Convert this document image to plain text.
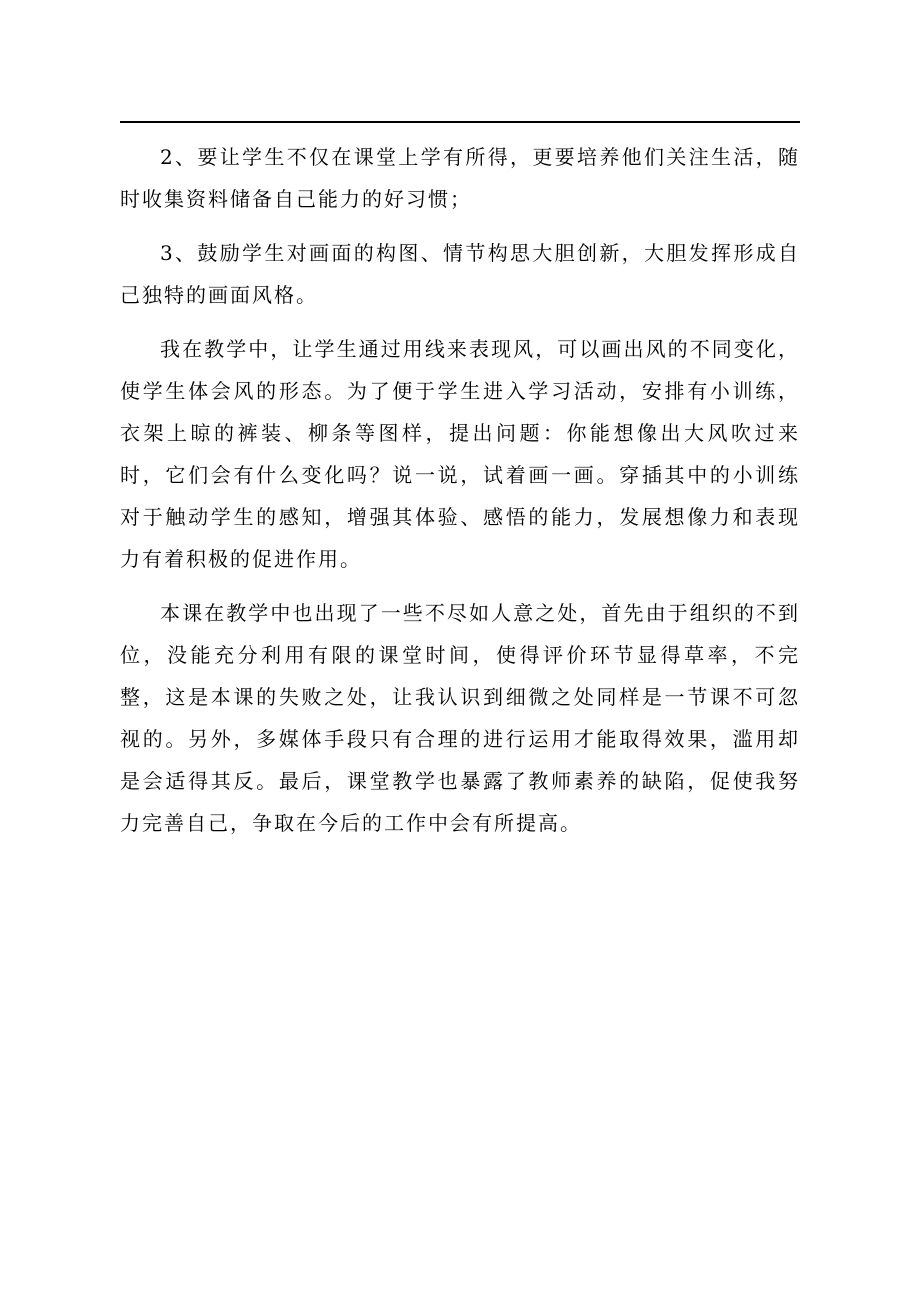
2、要让学生不仅在课堂上学有所得，更要培养他们关注生活，随时收集资料储备自己能力的好习惯；

3、鼓励学生对画面的构图、情节构思大胆创新，大胆发挥形成自己独特的画面风格。

我在教学中，让学生通过用线来表现风，可以画出风的不同变化，使学生体会风的形态。为了便于学生进入学习活动，安排有小训练，衣架上晾的裤装、柳条等图样，提出问题：你能想像出大风吹过来时，它们会有什么变化吗？说一说，试着画一画。穿插其中的小训练对于触动学生的感知，增强其体验、感悟的能力，发展想像力和表现力有着积极的促进作用。

本课在教学中也出现了一些不尽如人意之处，首先由于组织的不到位，没能充分利用有限的课堂时间，使得评价环节显得草率，不完整，这是本课的失败之处，让我认识到细微之处同样是一节课不可忽视的。另外，多媒体手段只有合理的进行运用才能取得效果，滥用却是会适得其反。最后，课堂教学也暴露了教师素养的缺陷，促使我努力完善自己，争取在今后的工作中会有所提高。
